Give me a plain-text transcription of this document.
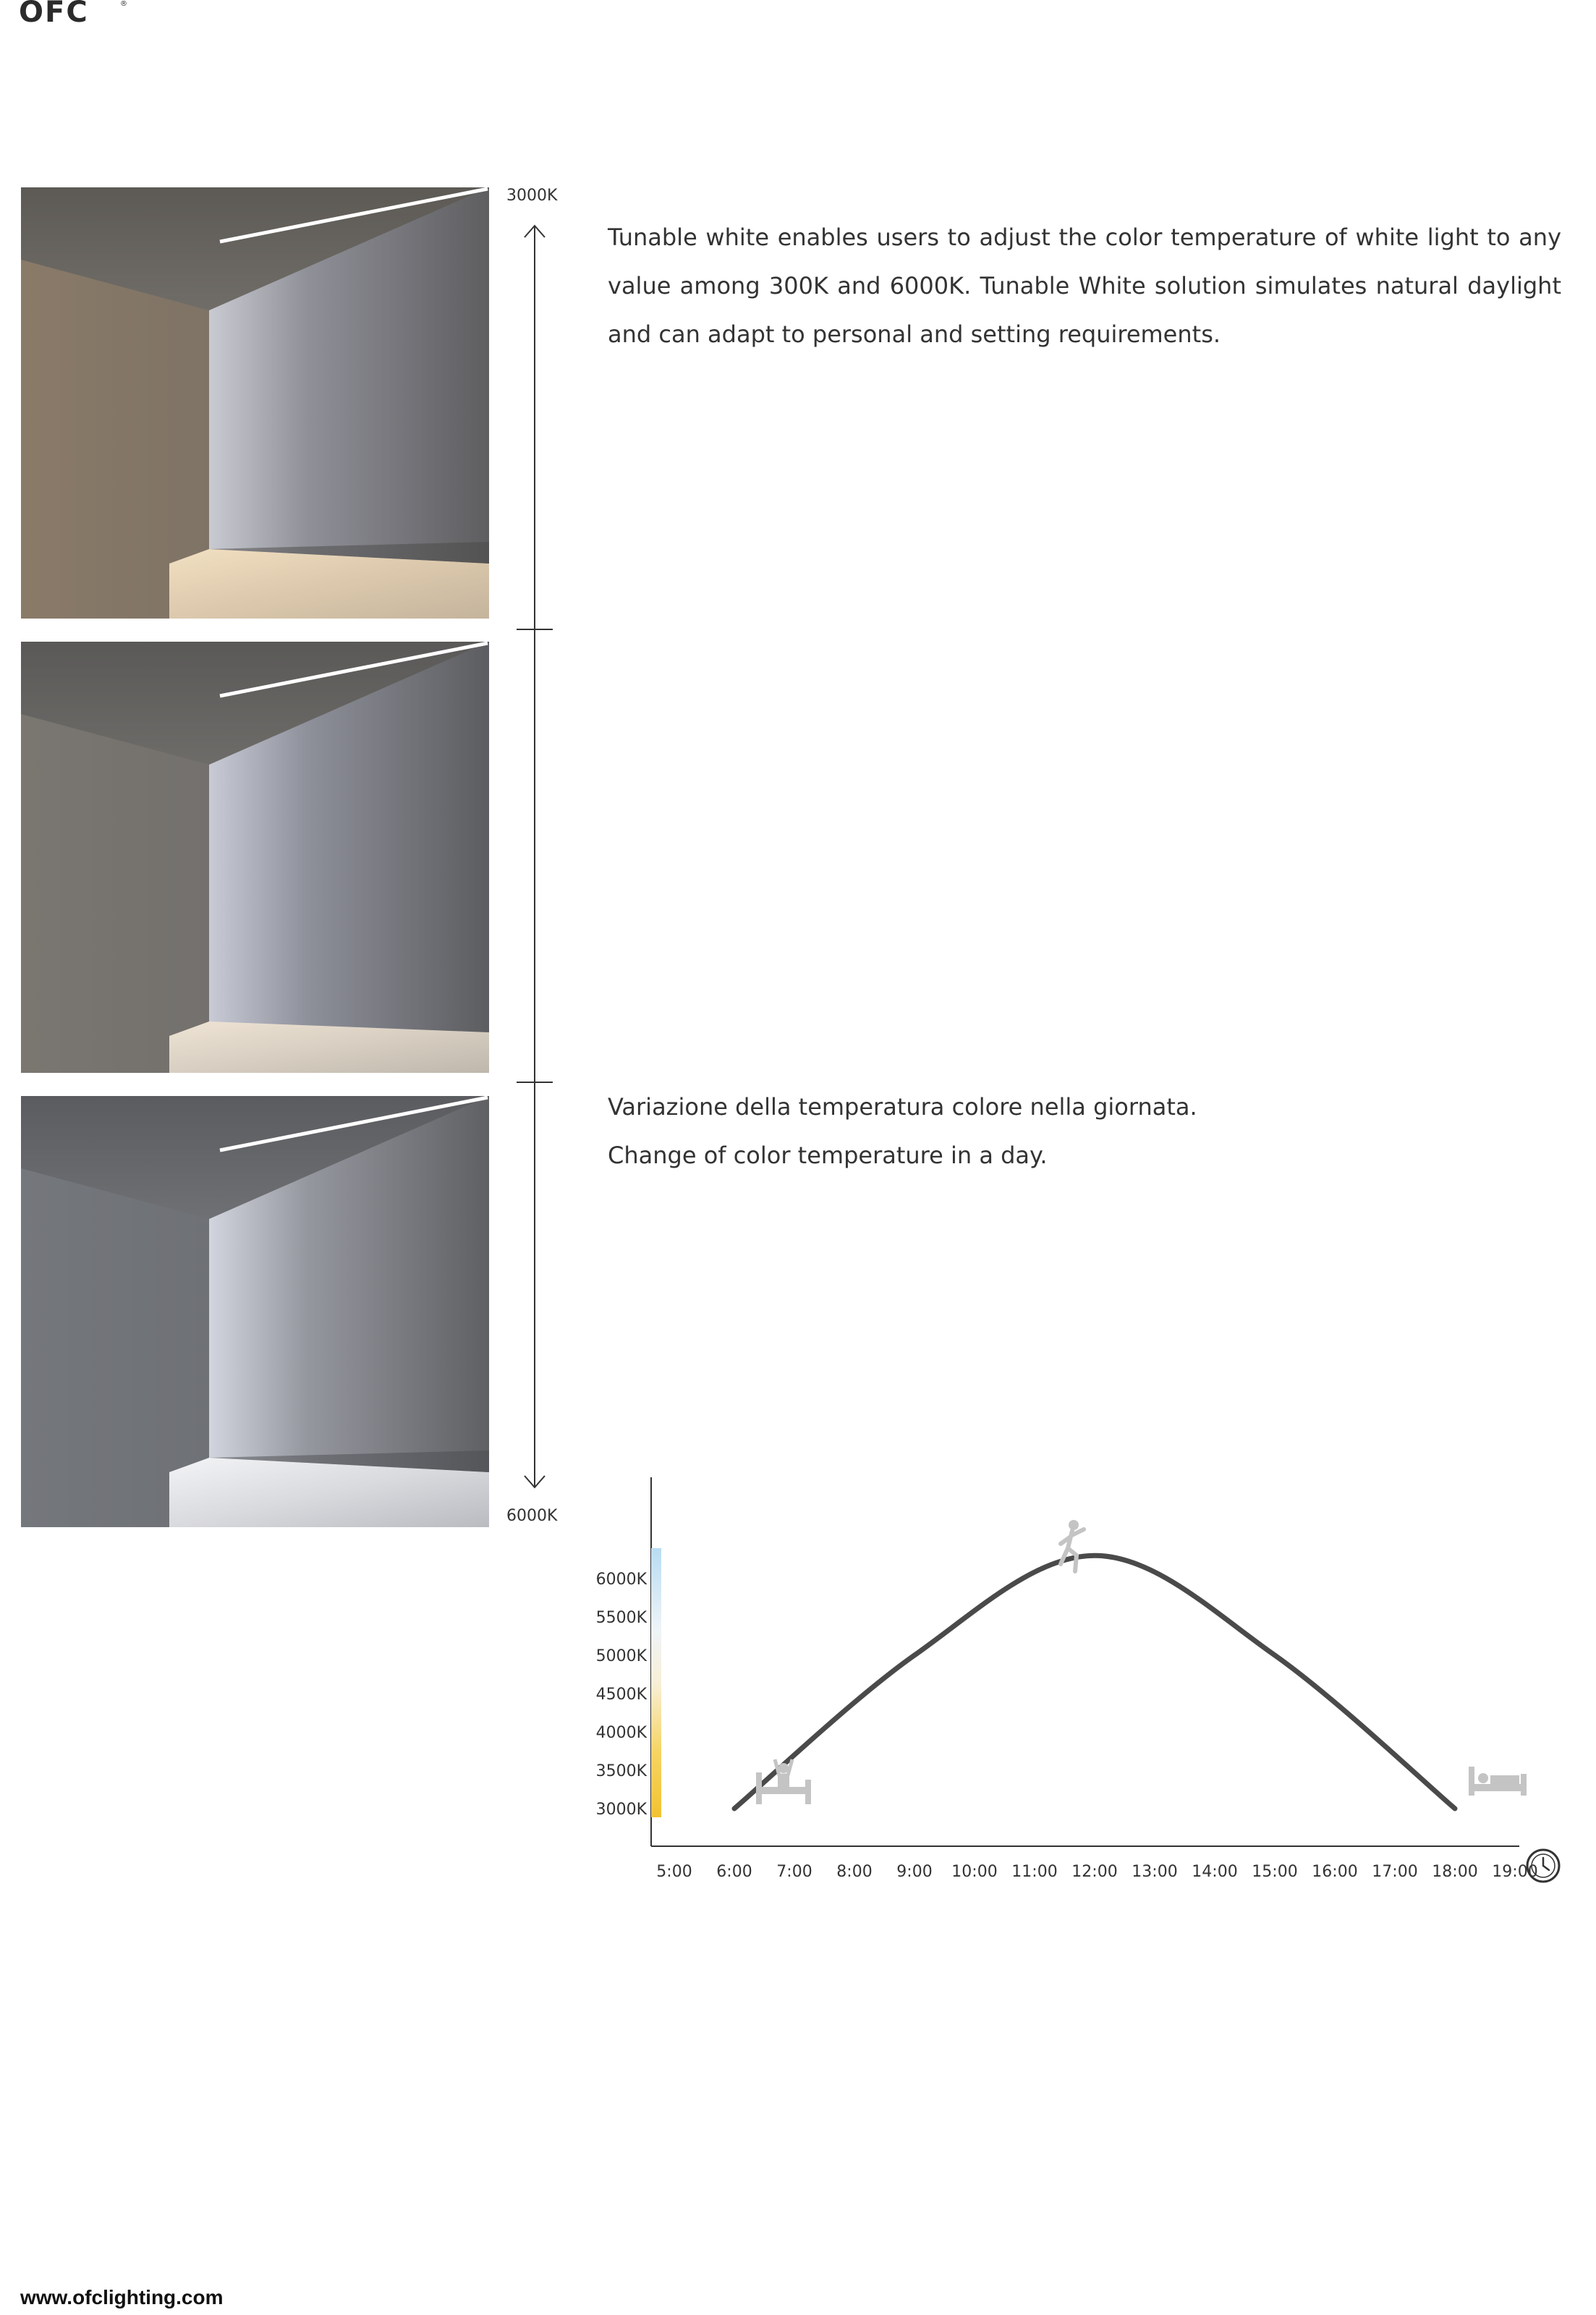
OFC	®
3000K
6000K

Tunable white enables users to adjust the color temperature of white light to any value among 300K and 6000K. Tunable White solution simulates natural daylight and can adapt to personal and setting requirements.

Variazione della temperatura colore nella giornata.

Change of color temperature in a day.

6000K
5500K
5000K
4500K
4000K
3500K
3000K
5:00 6:00 7:00 8:00 9:00 10:00 11:00 12:00 13:00 14:00 15:00 16:00 17:00 18:00 19:00
www.ofclighting.com
